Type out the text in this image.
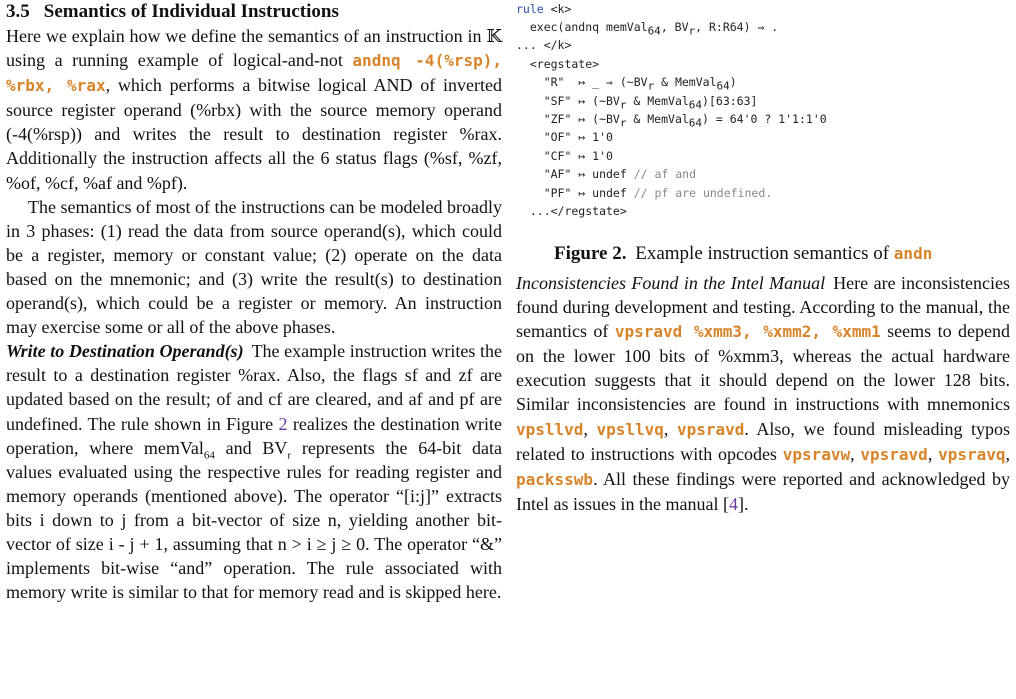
3.5 Semantics of Individual Instructions

Here we explain how we define the semantics of an instruction in 𝕂 using a running example of logical-and-not andnq -4(%rsp), %rbx, %rax, which performs a bitwise logical AND of inverted source register operand (%rbx) with the source memory operand (-4(%rsp)) and writes the result to destination register %rax. Additionally the instruction affects all the 6 status flags (%sf, %zf, %of, %cf, %af and %pf).

The semantics of most of the instructions can be modeled broadly in 3 phases: (1) read the data from source operand(s), which could be a register, memory or constant value; (2) operate on the data based on the mnemonic; and (3) write the result(s) to destination operand(s), which could be a register or memory. An instruction may exercise some or all of the above phases.

Write to Destination Operand(s) The example instruction writes the result to a destination register %rax. Also, the flags sf and zf are updated based on the result; of and cf are cleared, and af and pf are undefined. The rule shown in Figure 2 realizes the destination write operation, where memVal$_{64}$ and $BV_r$ represents the 64-bit data values evaluated using the respective rules for reading register and memory operands (mentioned above). The operator “[i:j]” extracts bits i down to j from a bit-vector of size n, yielding another bit-vector of size i - j + 1, assuming that n > i ≥ j ≥ 0. The operator “&” implements bit-wise “and” operation. The rule associated with memory write is similar to that for memory read and is skipped here.

rule <k>
exec(andnq memVal$_{64}$, $BV_r$, R:R64) ⇒ .
... </k>
<regstate>
"R"  ↦ _ ⇒ ($\sim BV_r$ & MemVal$_{64}$)
"SF" ↦ ($\sim BV_r$ & MemVal$_{64}$)[63:63]
"ZF" ↦ ($\sim BV_r$ & MemVal$_{64}$) = 64'0 ? 1'1:1'0
"OF" ↦ 1'0
"CF" ↦ 1'0
"AF" ↦ undef // af and
"PF" ↦ undef // pf are undefined.
...</regstate>
Figure 2. Example instruction semantics of andn

Inconsistencies Found in the Intel Manual Here are inconsistencies found during development and testing. According to the manual, the semantics of vpsravd %xmm3, %xmm2, %xmm1 seems to depend on the lower 100 bits of %xmm3, whereas the actual hardware execution suggests that it should depend on the lower 128 bits. Similar inconsistencies are found in instructions with mnemonics vpsllvd, vpsllvq, vpsravd. Also, we found misleading typos related to instructions with opcodes vpsravw, vpsravd, vpsravq, packsswb. All these findings were reported and acknowledged by Intel as issues in the manual [4].
